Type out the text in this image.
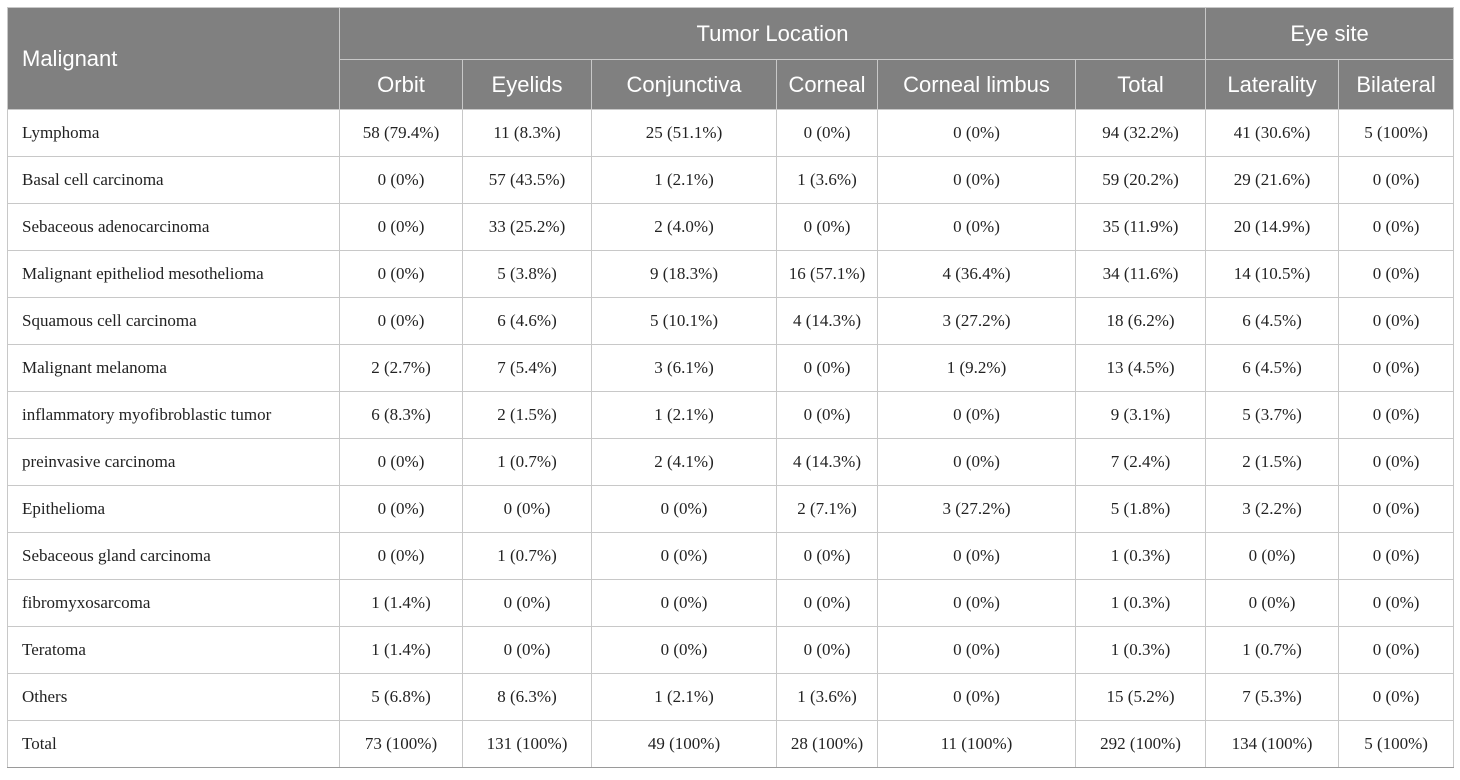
Malignant	Tumor Location						Eye site	
	Orbit	Eyelids	Conjunctiva	Corneal	Corneal limbus	Total	Laterality	Bilateral
Lymphoma	58 (79.4%)	11 (8.3%)	25 (51.1%)	0 (0%)	0 (0%)	94 (32.2%)	41 (30.6%)	5 (100%)
Basal cell carcinoma	0 (0%)	57 (43.5%)	1 (2.1%)	1 (3.6%)	0 (0%)	59 (20.2%)	29 (21.6%)	0 (0%)
Sebaceous adenocarcinoma	0 (0%)	33 (25.2%)	2 (4.0%)	0 (0%)	0 (0%)	35 (11.9%)	20 (14.9%)	0 (0%)
Malignant epitheliod mesothelioma	0 (0%)	5 (3.8%)	9 (18.3%)	16 (57.1%)	4 (36.4%)	34 (11.6%)	14 (10.5%)	0 (0%)
Squamous cell carcinoma	0 (0%)	6 (4.6%)	5 (10.1%)	4 (14.3%)	3 (27.2%)	18 (6.2%)	6 (4.5%)	0 (0%)
Malignant melanoma	2 (2.7%)	7 (5.4%)	3 (6.1%)	0 (0%)	1 (9.2%)	13 (4.5%)	6 (4.5%)	0 (0%)
inflammatory myofibroblastic tumor	6 (8.3%)	2 (1.5%)	1 (2.1%)	0 (0%)	0 (0%)	9 (3.1%)	5 (3.7%)	0 (0%)
preinvasive carcinoma	0 (0%)	1 (0.7%)	2 (4.1%)	4 (14.3%)	0 (0%)	7 (2.4%)	2 (1.5%)	0 (0%)
Epithelioma	0 (0%)	0 (0%)	0 (0%)	2 (7.1%)	3 (27.2%)	5 (1.8%)	3 (2.2%)	0 (0%)
Sebaceous gland carcinoma	0 (0%)	1 (0.7%)	0 (0%)	0 (0%)	0 (0%)	1 (0.3%)	0 (0%)	0 (0%)
fibromyxosarcoma	1 (1.4%)	0 (0%)	0 (0%)	0 (0%)	0 (0%)	1 (0.3%)	0 (0%)	0 (0%)
Teratoma	1 (1.4%)	0 (0%)	0 (0%)	0 (0%)	0 (0%)	1 (0.3%)	1 (0.7%)	0 (0%)
Others	5 (6.8%)	8 (6.3%)	1 (2.1%)	1 (3.6%)	0 (0%)	15 (5.2%)	7 (5.3%)	0 (0%)
Total	73 (100%)	131 (100%)	49 (100%)	28 (100%)	11 (100%)	292 (100%)	134 (100%)	5 (100%)
